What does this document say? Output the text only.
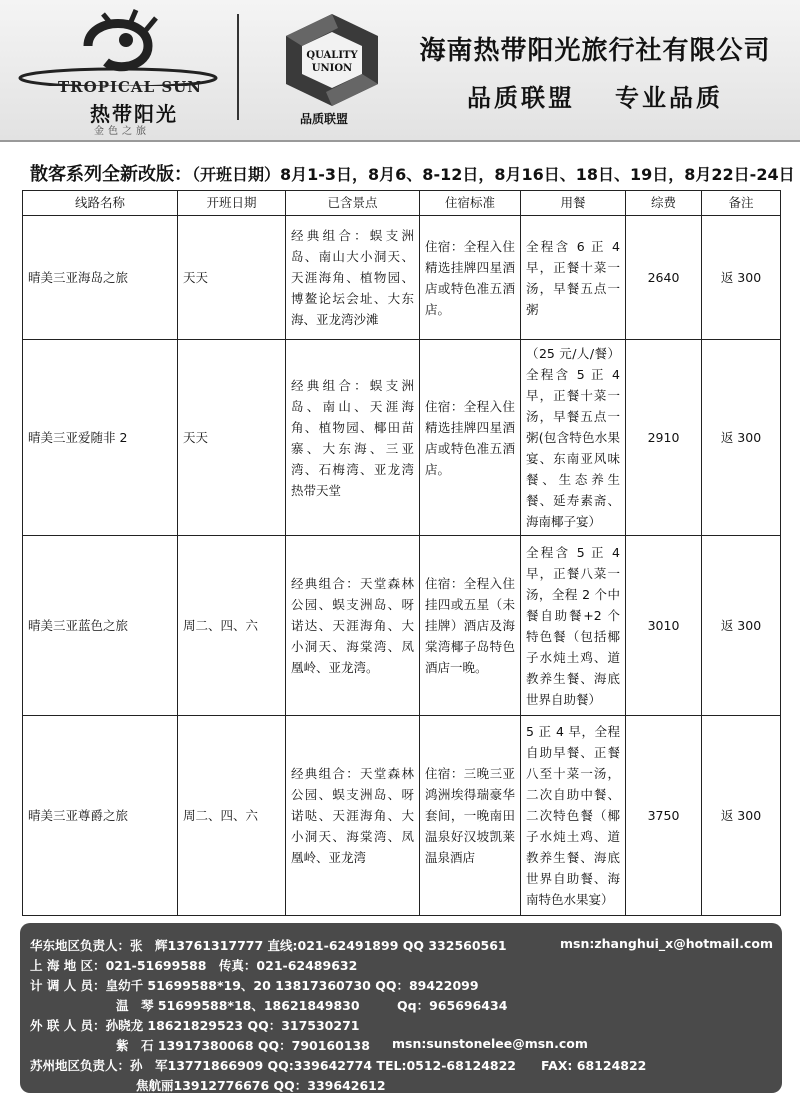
TROPICAL SUN
热带阳光
金色之旅
QUALITY
UNION
品质联盟
海南热带阳光旅行社有限公司
品质联盟 专业品质
散客系列全新改版：（开班日期）8月1-3日，8月6、8-12日，8月16日、18日、19日，8月22日-24日
线路名称	开班日期	已含景点	住宿标准	用餐	综费	备注
晴美三亚海岛之旅	天天	经典组合：蜈支洲岛、南山大小洞天、天涯海角、植物园、博鳌论坛会址、大东海、亚龙湾沙滩	住宿：全程入住精选挂牌四星酒店或特色准五酒店。	全程含 6 正 4 早，正餐十菜一汤，早餐五点一粥	2640	返 300
晴美三亚爱随非 2	天天	经典组合：蜈支洲岛、南山、天涯海角、植物园、椰田苗寨、大东海、三亚湾、石梅湾、亚龙湾热带天堂	住宿：全程入住精选挂牌四星酒店或特色准五酒店。	（25 元/人/餐）全程含 5 正 4 早，正餐十菜一汤，早餐五点一粥(包含特色水果宴、东南亚风味餐、生态养生餐、延寿素斋、海南椰子宴）	2910	返 300
晴美三亚蓝色之旅	周二、四、六	经典组合：天堂森林公园、蜈支洲岛、呀诺达、天涯海角、大小洞天、海棠湾、凤凰岭、亚龙湾。	住宿：全程入住挂四或五星（未挂牌）酒店及海棠湾椰子岛特色酒店一晚。	全程含 5 正 4 早，正餐八菜一汤，全程 2 个中餐自助餐+2 个特色餐（包括椰子水炖土鸡、道教养生餐、海底世界自助餐）	3010	返 300
晴美三亚尊爵之旅	周二、四、六	经典组合：天堂森林公园、蜈支洲岛、呀诺哒、天涯海角、大小洞天、海棠湾、凤凰岭、亚龙湾	住宿：三晚三亚鸿洲埃得瑞豪华套间，一晚南田温泉好汉坡凯莱温泉酒店	5 正 4 早，全程自助早餐、正餐八至十菜一汤，二次自助中餐、二次特色餐（椰子水炖土鸡、道教养生餐、海底世界自助餐、海南特色水果宴）	3750	返 300
华东地区负责人：张　辉13761317777 直线:021-62491899 QQ 332560561	msn:zhanghui_x@hotmail.com
上 海 地 区：021-51699588　传真：021-62489632
计 调 人 员：皇幼千 51699588*19、20 13817360730 QQ：89422099
温　琴 51699588*18、18621849830　　　Qq：965696434
外 联 人 员：孙晓龙 18621829523 QQ：317530271
紫　石 13917380068 QQ：790160138 msn:sunstonelee@msn.com
苏州地区负责人：孙　军13771866909 QQ:339642774 TEL:0512-68124822　　FAX: 68124822
焦航丽13912776676 QQ：339642612
